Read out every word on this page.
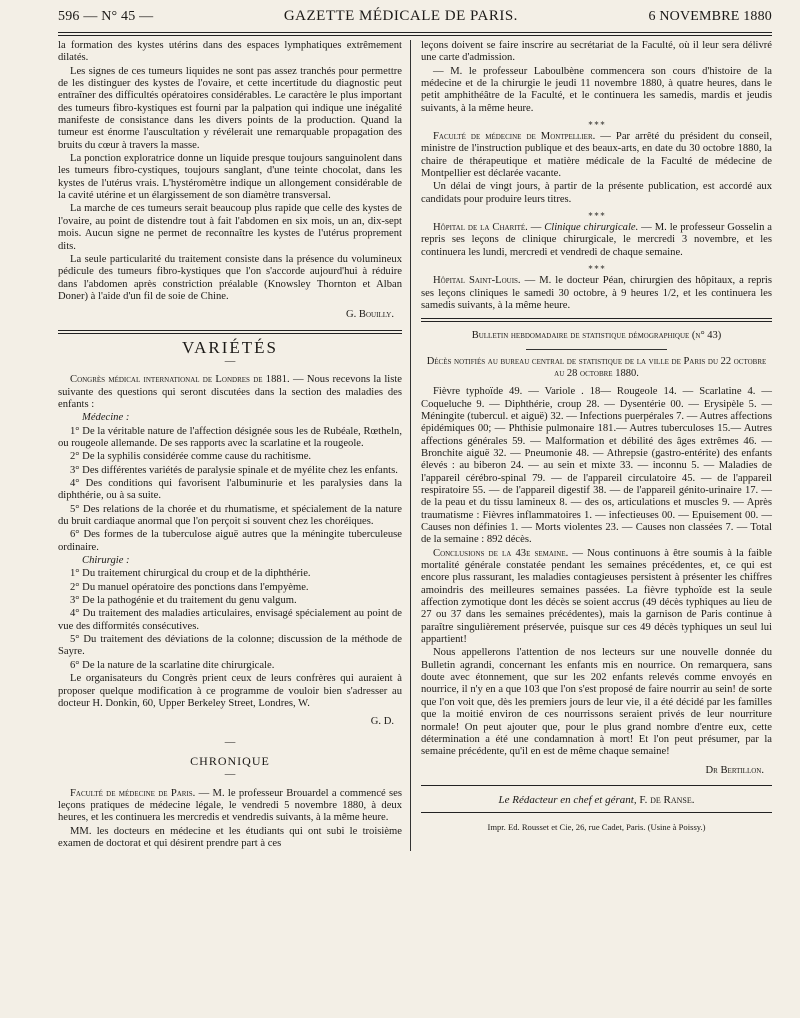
596 — N° 45 —	GAZETTE MÉDICALE DE PARIS.	6 NOVEMBRE 1880

la formation des kystes utérins dans des espaces lymphatiques extrêmement dilatés.

Les signes de ces tumeurs liquides ne sont pas assez tranchés pour permettre de les distinguer des kystes de l'ovaire, et cette incertitude du diagnostic peut entraîner des difficultés opératoires considérables. Le caractère le plus important des tumeurs fibro-kystiques est fourni par la palpation qui indique une inégalité manifeste de consistance dans les divers points de la production. Quand la tumeur est énorme l'auscultation y révélerait une remarquable propagation des bruits du cœur à travers la masse.

La ponction exploratrice donne un liquide presque toujours sanguinolent dans les tumeurs fibro-cystiques, toujours sanglant, d'une teinte chocolat, dans les kystes de l'utérus vrais. L'hystéromètre indique un allongement considérable de la cavité utérine et un élargissement de son diamètre transversal.

La marche de ces tumeurs serait beaucoup plus rapide que celle des kystes de l'ovaire, au point de distendre tout à fait l'abdomen en six mois, un an, dix-sept mois. Aucun signe ne permet de reconnaître les kystes de l'utérus proprement dits.

La seule particularité du traitement consiste dans la présence du volumineux pédicule des tumeurs fibro-kystiques que l'on s'accorde aujourd'hui à réduire dans l'abdomen après constriction préalable (Knowsley Thornton et Alban Doner) à l'aide d'un fil de soie de Chine.

G. Bouilly.
VARIÉTÉS
—

Congrès médical international de Londres de 1881. — Nous recevons la liste suivante des questions qui seront discutées dans la section des maladies des enfants :

Médecine :

1° De la véritable nature de l'affection désignée sous les de Rubéale, Rœtheln, ou rougeole allemande. De ses rapports avec la scarlatine et la rougeole.

2° De la syphilis considérée comme cause du rachitisme.

3° Des différentes variétés de paralysie spinale et de myélite chez les enfants.

4° Des conditions qui favorisent l'albuminurie et les paralysies dans la diphthérie, ou à sa suite.

5° Des relations de la chorée et du rhumatisme, et spécialement de la nature du bruit cardiaque anormal que l'on perçoit si souvent chez les choréiques.

6° Des formes de la tuberculose aiguë autres que la méningite tuberculeuse ordinaire.

Chirurgie :

1° Du traitement chirurgical du croup et de la diphthérie.

2° Du manuel opératoire des ponctions dans l'empyème.

3° De la pathogénie et du traitement du genu valgum.

4° Du traitement des maladies articulaires, envisagé spécialement au point de vue des difformités consécutives.

5° Du traitement des déviations de la colonne; discussion de la méthode de Sayre.

6° De la nature de la scarlatine dite chirurgicale.

Le organisateurs du Congrès prient ceux de leurs confrères qui auraient à proposer quelque modification à ce programme de vouloir bien s'adresser au docteur H. Donkin, 60, Upper Berkeley Street, Londres, W.

G. D.
—
CHRONIQUE
—

Faculté de médecine de Paris. — M. le professeur Brouardel a commencé ses leçons pratiques de médecine légale, le vendredi 5 novembre 1880, à deux heures, et les continuera les mercredis et vendredis suivants, à la même heure.

MM. les docteurs en médecine et les étudiants qui ont subi le troisième examen de doctorat et qui désirent prendre part à ces

leçons doivent se faire inscrire au secrétariat de la Faculté, où il leur sera délivré une carte d'admission.

— M. le professeur Laboulbène commencera son cours d'histoire de la médecine et de la chirurgie le jeudi 11 novembre 1880, à quatre heures, dans le petit amphithéâtre de la Faculté, et le continuera les samedis, mardis et jeudis suivants, à la même heure.

⁎ ⁎ ⁎

Faculté de médecine de Montpellier. — Par arrêté du président du conseil, ministre de l'instruction publique et des beaux-arts, en date du 30 octobre 1880, la chaire de thérapeutique et matière médicale de la Faculté de médecine de Montpellier est déclarée vacante.

Un délai de vingt jours, à partir de la présente publication, est accordé aux candidats pour produire leurs titres.

⁎ ⁎ ⁎

Hôpital de la Charité. — Clinique chirurgicale. — M. le professeur Gosselin a repris ses leçons de clinique chirurgicale, le mercredi 3 novembre, et les continuera les lundi, mercredi et vendredi de chaque semaine.

⁎ ⁎ ⁎

Hôpital Saint-Louis. — M. le docteur Péan, chirurgien des hôpitaux, a repris ses leçons cliniques le samedi 30 octobre, à 9 heures 1/2, et les continuera les samedis suivants, à la même heure.

Bulletin hebdomadaire de statistique démographique (n° 43)
Décès notifiés au bureau central de statistique de la ville de Paris du 22 octobre au 28 octobre 1880.

Fièvre typhoïde 49. — Variole . 18— Rougeole 14. — Scarlatine 4. — Coqueluche 9. — Diphthérie, croup 28. — Dysentérie 00. — Erysipèle 5. — Méningite (tubercul. et aiguë) 32. — Infections puerpérales 7. — Autres affections épidémiques 00; — Phthisie pulmonaire 181.— Autres tuberculoses 15.— Autres affections générales 59. — Malformation et débilité des âges extrêmes 46. — Bronchite aiguë 32. — Pneumonie 48. — Athrepsie (gastro-entérite) des enfants élevés : au biberon 24. — au sein et mixte 33. — inconnu 5. — Maladies de l'appareil cérébro-spinal 79. — de l'appareil circulatoire 45. — de l'appareil respiratoire 55. — de l'appareil digestif 38. — de l'appareil génito-urinaire 17. — de la peau et du tissu lamineux 8. — des os, articulations et muscles 9. — Après traumatisme : Fièvres inflammatoires 1. — infectieuses 00. — Epuisement 00. — Causes non définies 1. — Morts violentes 23. — Causes non classées 7. — Total de la semaine : 892 décès.

Conclusions de la 43e semaine. — Nous continuons à être soumis à la faible mortalité générale constatée pendant les semaines précédentes, et, ce qui est encore plus rassurant, les maladies contagieuses persistent à présenter les chiffres amoindris des meilleures semaines passées. La fièvre typhoïde est la seule affection zymotique dont les décès se soient accrus (49 décès typhiques au lieu de 27 ou 37 dans les semaines précédentes), mais la garnison de Paris continue à paraître singulièrement préservée, puisque sur ces 49 décès typhiques un seul lui appartient!

Nous appellerons l'attention de nos lecteurs sur une nouvelle donnée du Bulletin agrandi, concernant les enfants mis en nourrice. On remarquera, sans doute avec étonnement, que sur les 202 enfants relevés comme envoyés en nourrice, il n'y en a que 103 que l'on s'est proposé de faire nourrir au sein! de sorte que l'on voit que, dès les premiers jours de leur vie, il a été décidé par les familles que la moitié environ de ces nourrissons seraient privés de leur nourriture normale! On peut ajouter que, pour le plus grand nombre d'entre eux, cette détermination a été une condamnation à mort! Et l'on peut présumer, par la semaine précédente, qu'il en est de même chaque semaine!

Dr Bertillon.
Le Rédacteur en chef et gérant, F. de Ranse.
Impr. Ed. Rousset et Cie, 26, rue Cadet, Paris. (Usine à Poissy.)
